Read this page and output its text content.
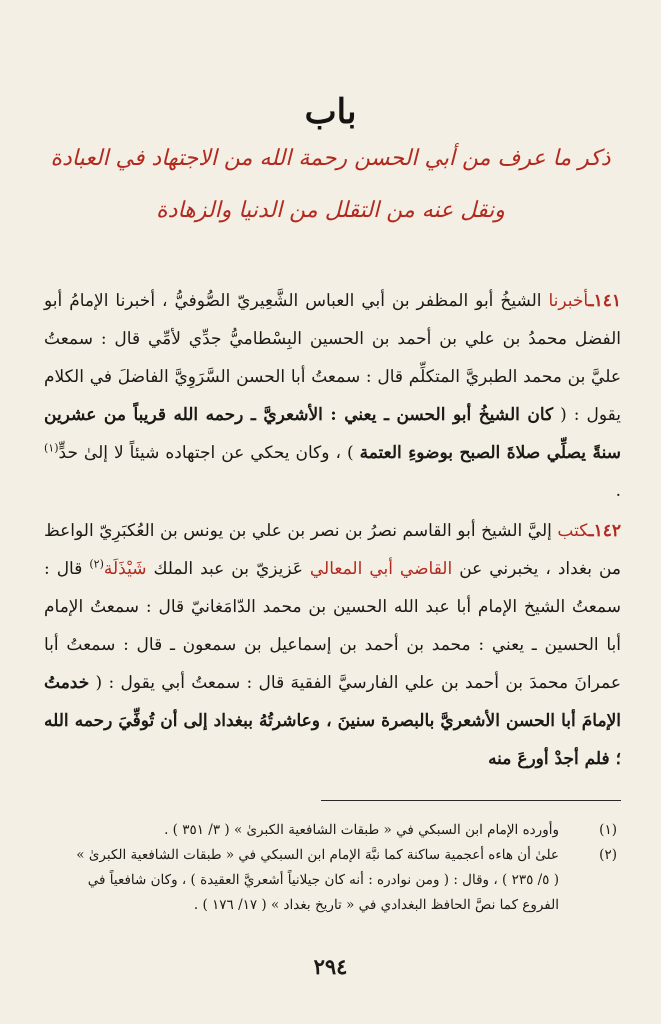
باب
ذكر ما عرف من أبي الحسن رحمة الله من الاجتهاد في العبادة
ونقل عنه من التقلل من الدنيا والزهادة

١٤١ـأخبرنا الشيخُ أبو المظفر بن أبي العباس الشَّعِيريّ الصُّوفيُّ ، أخبرنا الإمامُ أبو الفضل محمدُ بن علي بن أحمد بن الحسين البِسْطاميُّ جدِّي لأمِّي قال : سمعتُ عليَّ بن محمد الطبريَّ المتكلِّم قال : سمعتُ أبا الحسن السَّرَوِيَّ الفاضلَ في الكلام يقول : ( كان الشيخُ أبو الحسن ـ يعني : الأشعريَّ ـ رحمه الله قريباً من عشرين سنةً يصلِّي صلاةَ الصبح بوضوءِ العتمة ) ، وكان يحكي عن اجتهاده شيئاً لا إلىٰ حدٍّ$^{(١)}$ .

١٤٢ـكتب إليَّ الشيخ أبو القاسم نصرُ بن نصر بن علي بن يونس بن العُكبَرِيّ الواعظ من بغداد ، يخبرني عن القاضي أبي المعالي عَزيزيّ بن عبد الملك شَيْذَلَة$^{(٢)}$ قال : سمعتُ الشيخ الإمام أبا عبد الله الحسين بن محمد الدّامَغانيّ قال : سمعتُ الإمام أبا الحسين ـ يعني : محمد بن أحمد بن إسماعيل بن سمعون ـ قال : سمعتُ أبا عمرانَ محمدَ بن أحمد بن علي الفارسيَّ الفقيهَ قال : سمعتُ أبي يقول : ( خدمتُ الإمامَ أبا الحسن الأشعريَّ بالبصرة سنينَ ، وعاشرتُهُ ببغداد إلى أن تُوفِّيَ رحمه الله ؛ فلم أجدْ أورعَ منه

(١)
وأورده الإمام ابن السبكي في « طبقات الشافعية الكبرىٰ » ( ٣/ ٣٥١ ) .

(٢)
علىٰ أن هاءه أعجمية ساكنة كما نبَّهَ الإمام ابن السبكي في « طبقات الشافعية الكبرىٰ »

( ٥/ ٢٣٥ ) ، وقال : ( ومن نوادره : أنه كان جيلانياً أشعريَّ العقيدة ) ، وكان شافعياً في

الفروع كما نصَّ الحافظ البغدادي في « تاريخ بغداد » ( ١٧/ ١٧٦ ) .

٢٩٤
